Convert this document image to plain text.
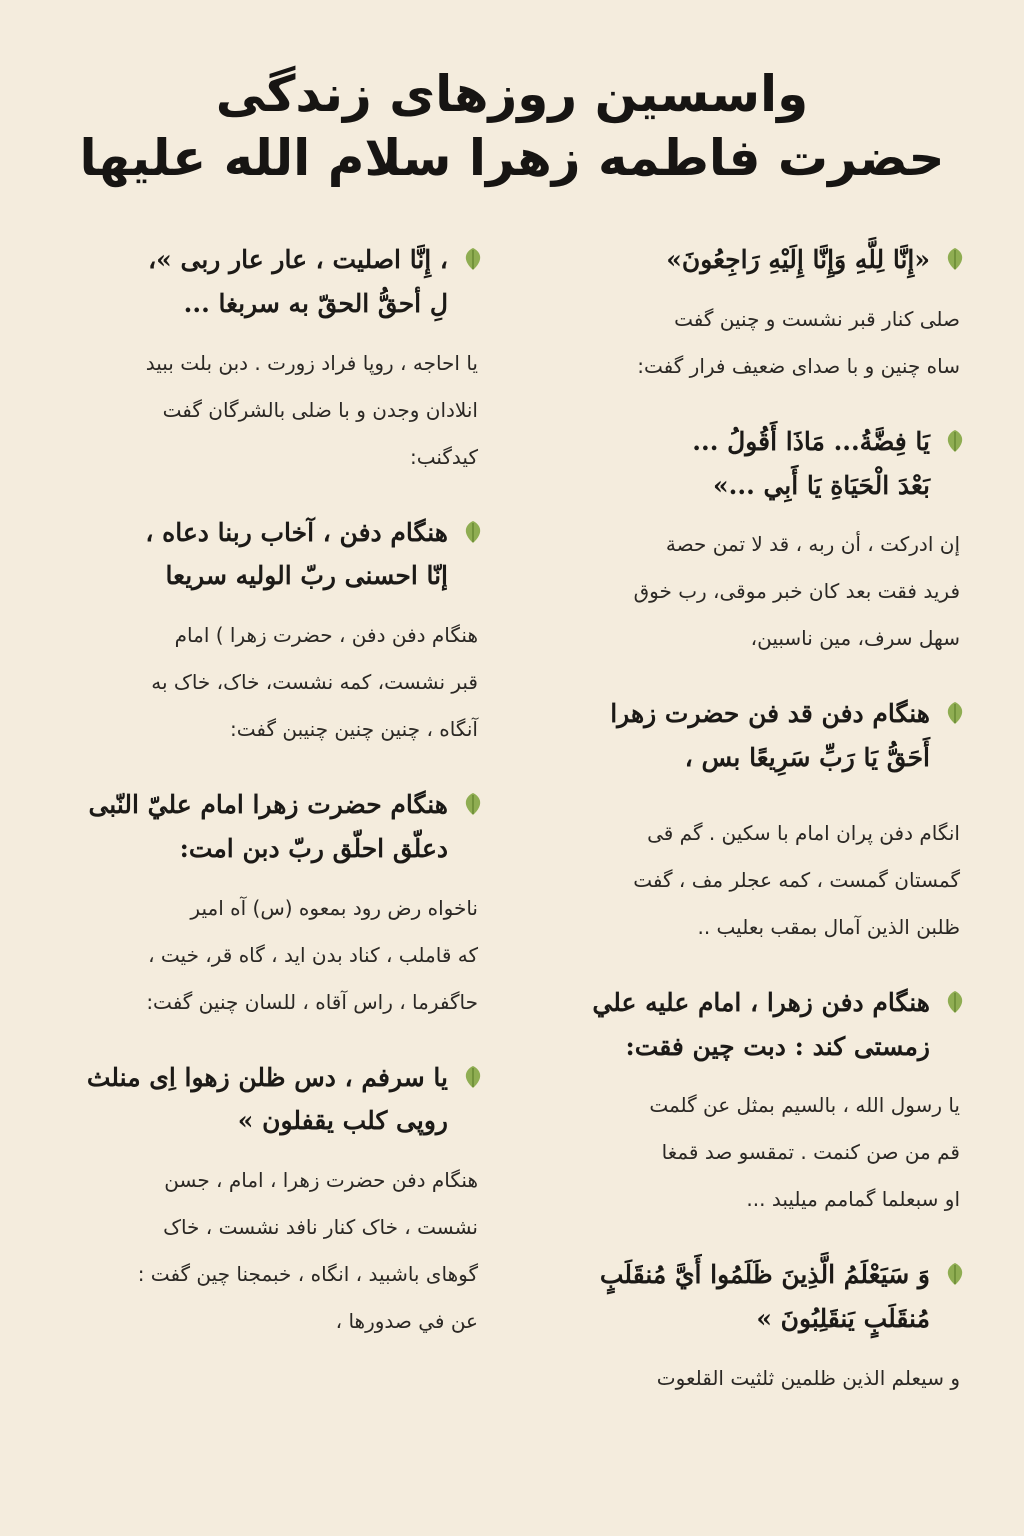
واسسین روزهای زندگی
حضرت فاطمه زهرا سلام الله علیها
«إِنَّا لِلَّهِ وَإِنَّا إِلَيْهِ رَاجِعُونَ»
صلی کنار قبر نشست و چنین گفت
ساه چنین و با صدای ضعیف فرار گفت:
يَا فِضَّةُ... مَاذَا أَقُولُ ...
بَعْدَ الْحَيَاةِ يَا أَبِي ...»
إن ادرکت ، أن ربه ، قد لا تمن حصة
فرید فقت بعد کان خبر موقی، رب خوق
سهل سرف، مين ناسبين،
هنگام دفن قد فن حضرت زهرا
أَحَقُّ يَا رَبِّ سَرِيعًا بس ،
انگام دفن پران امام با سکین . گم قی
گمستان گمست ، کمه عجلر مف ، گفت
ظلبن الذين آمال بمقب بعليب ..
هنگام دفن زهرا ، امام علیه علي
زمستی کند : دبت چین فقت:
يا رسول الله ، بالسيم بمثل عن گلمت
قم من صن کنمت . تمقسو صد قمغا
او سبعلما گمامم میلیبد ...
وَ سَيَعْلَمُ الَّذِينَ ظَلَمُوا أَيَّ مُنقَلَبٍ
مُنقَلَبٍ يَنقَلِبُونَ »
و سیعلم الذين ظلمين ثلثیت القلعوت
، إِنَّا اصلیت ، عار عار ربی »،
لِ أحقُّ الحقّ به سربغا ...
یا احاجه ، روپا فراد زورت . دبن بلت ببید
انلادان وجدن و با ضلی بالشرگان گفت
کیدگنب:
هنگام دفن ، آخاب ربنا دعاه ،
إنّا احسنی ربّ الولیه سریعا
هنگام دفن دفن ، حضرت زهرا ) امام
قبر نشست، کمه نشست، خاک، خاک به
آنگاه ، چنین چنین چنیبن گفت:
هنگام حضرت زهرا امام عليّ النّبی
دعلّق احلّق ربّ دبن امت:
ناخواه رض رود بمعوه (س) آه امیر
که قاملب ، کناد بدن اید ، گاه قر، خیت ،
حاگفرما ، راس آقاه ، للسان چنین گفت:
یا سرفم ، دس ظلن زهوا اِی منلث
روپی کلب یقفلون »
هنگام دفن حضرت زهرا ، امام ، جسن
نشست ، خاک کنار نافد نشست ، خاک
گوهای باشبید ، انگاه ، خبمجنا چین گفت :
عن في صدورها ،
